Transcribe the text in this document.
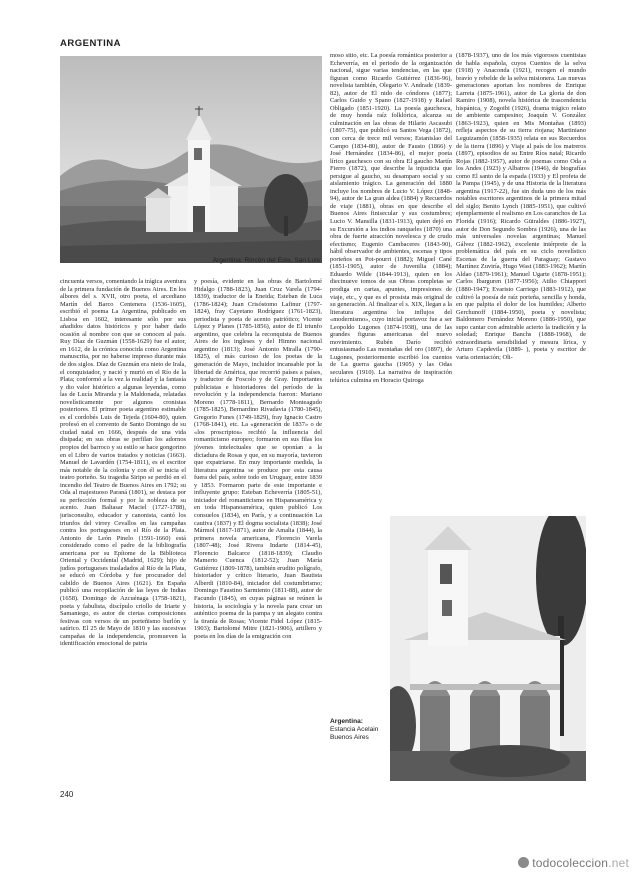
ARGENTINA
Argentina: Rincón del Este, San Luis

moso sitio, etc. La poesía romántica posterior a Echeverría, en el periodo de la organización nacional, sigue varias tendencias, en las que figuran como Ricardo Gutiérrez (1836-96), novelista también, Olegario V. Andrade (1839-82), autor de El nido de cóndores (1877); Carlos Guido y Spano (1827-1918) y Rafael Obligado (1851-1920). La poesía gauchesca, de muy honda raíz folklórica, alcanza su culminación en las obras de Hilario Ascasubi (1807-75), que publicó su Santos Vega (1872), con cerca de trece mil versos; Estanislao del Campo (1834-80), autor de Fausto (1866) y José Hernández (1834-86), el mejor poeta lírico gauchesco con su obra El gaucho Martín Fierro (1872), que describe la injusticia que persigue al gaucho, su desamparo social y su aislamiento trágico. La generación del 1880 incluye los nombres de Lucio V. López (1848-94), autor de La gran aldea (1884) y Recuerdos de viaje (1881), obras en que describe el Buenos Aires finisecular y sus costumbres; Lucio V. Mansilla (1831-1913), quien dejó en su Excursión a los indios ranqueles (1870) una obra de fuerte atracción novelesca y de crudo efectismo; Eugenio Cambaceres (1843-90), hábil observador de ambientes, escenas y tipos porteños en Pot-pourri (1882); Miguel Cané (1851-1905), autor de Juvenilia (1884); Eduardo Wilde (1844-1913), quien en los diecinueve tomos de sus Obras completas se prodiga en cartas, apuntes, impresiones de viaje, etc., y que es el prosista más original de su generación. Al finalizar el s. XIX, llegan a la literatura argentina los influjos del «modernismo», cuyo inicial portavoz fue a ser Leopoldo Lugones (1874-1938), una de las grandes figuras americanas del nuevo movimiento. Rubén Darío recibió entusiasmado Las montañas del oro (1897), de Lugones, posteriormente escribió los cuentos de La guerra gaucha (1905) y las Odas seculares (1910). La narrativa de inspiración telúrica culmina en Horacio Quiroga

(1878-1937), uno de los más vigorosos cuentistas de habla española, cuyos Cuentos de la selva (1918) y Anaconda (1921), recogen el mundo bravío y rebelde de la selva misionera. Las nuevas generaciones aportan los nombres de Enrique Larreta (1875-1961), autor de La gloria de don Ramiro (1908), novela histórica de trascendencia hispánica, y Zogoibi (1926), drama trágico relato de ambiente campesino; Joaquín V. González (1863-1923), quien en Mis Montañas (1893) refleja aspectos de su tierra riojana; Martiniano Leguizamón (1858-1935) relata en sus Recuerdos de la tierra (1896) y Viaje al país de los matreros (1897), episodios de su Entre Ríos natal; Ricardo Rojas (1882-1957), autor de poemas como Oda a los Andes (1923) y Albatros (1946), de biografías como El santo de la espada (1933) y El profeta de la Pampa (1945), y de una Historia de la literatura argentina (1917-22), fue sin duda uno de los más notables escritores argentinos de la primera mitad del siglo; Benito Lynch (1885-1951), que cultivó ejemplarmente el realismo en Los caranchos de La Florida (1916); Ricardo Güiraldes (1886-1927), autor de Don Segundo Sombra (1926), una de las más universales novelas argentinas; Manuel Gálvez (1882-1962), excelente intérprete de la problemática del país en su ciclo novelístico Escenas de la guerra del Paraguay; Gustavo Martínez Zuviría, Hugo Wast (1883-1962); Martín Aldao (1879-1961); Manuel Ugarte (1878-1951); Carlos Ibarguren (1877-1956); Atilio Chiappori (1880-1947); Evaristo Carriego (1883-1912), que cultivó la poesía de raíz porteña, sencilla y honda, en que palpita el dolor de los humildes; Alberto Gerchunoff (1884-1950), poeta y novelista; Baldomero Fernández Moreno (1886-1950), que supo cantar con admirable acierto la tradición y la soledad; Enrique Banchs (1888-1968), de extraordinaria sensibilidad y mesura lírica, y Arturo Capdevila (1889- ), poeta y escritor de varia orientación; Oli-

cincuenta versos, comentando la trágica aventura de la primera fundación de Buenos Aires. En los albores del s. XVII, otro poeta, el arcediano Martín del Barco Centenera (1536-1605), escribió el poema La Argentina, publicado en Lisboa en 1602, interesante sólo por sus añadidos datos históricos y por haber dado ocasión al nombre con que se conocen al país. Ruy Díaz de Guzmán (1558-1629) fue el autor, en 1612, de la crónica conocida como Argentina manuscrita, por no haberse impreso durante más de dos siglos. Díaz de Guzmán era nieto de Irala, el conquistador, y nació y murió en el Río de la Plata; conformó a la vez la realidad y la fantasía y dio valor histórico a algunas leyendas, como las de Lucía Miranda y la Maldonada, relatadas novelísticamente por algunos cronistas posteriores. El primer poeta argentino estimable es el cordobés Luis de Tejeda (1604-80), quien profesó en el convento de Santo Domingo de su ciudad natal en 1666, después de una vida disipada; en sus obras se perfilan los adornos propios del barroco y su estilo se hace gongorino en el Libro de varios tratados y noticias (1663). Manuel de Lavardén (1754-1811), es el escritor más notable de la colonia y con él se inicia el teatro porteño. Su tragedia Siripo se perdió en el incendio del Teatro de Buenos Aires en 1792; su Oda al majestuoso Paraná (1801), se destaca por su perfección formal y por la nobleza de su acento. Juan Baltasar Maciel (1727-1788), jurisconsulto, educador y canonista, cantó los triunfos del virrey Cevallos en las campañas contra los portugueses en el Río de la Plata. Antonio de León Pinelo (1591-1660) está considerado como el padre de la bibliografía americana por su Epítome de la Biblioteca Oriental y Occidental (Madrid, 1629); hijo de judíos portugueses trasladados al Río de la Plata, se educó en Córdoba y fue procurador del cabildo de Buenos Aires (1621). En España publicó una recopilación de las leyes de Indias (1658). Domingo de Azcuénaga (1758-1821), poeta y fabulista, discípulo criollo de Iriarte y Samaniego, es autor de ciertas composiciones festivas con versos de un porteñismo burlón y satírico. El 25 de Mayo de 1810 y las sucesivas campañas de la independencia, promueven la identificación emocional de patria

y poesía, evidente en las obras de Bartolomé Hidalgo (1788-1823), Juan Cruz Varela (1794-1839), traductor de la Eneida; Esteban de Luca (1786-1824); Juan Crisóstomo Lafinur (1797-1824), fray Cayetano Rodríguez (1761-1823), periodista y poeta de acento patriótico; Vicente López y Planes (1785-1856), autor de El triunfo argentino, que celebra la reconquista de Buenos Aires de los ingleses y del Himno nacional argentino (1813); José Antonio Miralla (1790-1825), el más curioso de los poetas de la generación de Mayo, incluidor incansable por la libertad de América, que recorrió países a países, y traductor de Foscolo y de Gray. Importantes publicistas e historiadores del período de la revolución y la independencia fueron: Mariano Moreno (1778-1811), Bernardo Monteagudo (1785-1825), Bernardino Rivadavia (1780-1845), Gregorio Funes (1749-1829), fray Ignacio Castro (1768-1841), etc. La «generación de 1837» o de «los proscriptos» recibió la influencia del romanticismo europeo; formaron en sus filas los jóvenes intelectuales que se oponían a la dictadura de Rosas y que, en su mayoría, tuvieron que expatriarse. En muy importante medida, la literatura argentina se produce por esta causa fuera del país, sobre todo en Uruguay, entre 1839 y 1853. Formaron parte de este importante e influyente grupo: Esteban Echeverría (1805-51), iniciador del romanticismo en Hispanoamérica y en toda Hispanoamérica, quien publicó Los consuelos (1834), en París, y a continuación La cautiva (1837) y El dogma socialista (1838); José Mármol (1817-1871), autor de Amalia (1844), la primera novela americana, Florencio Varela (1807-48); José Rivera Indarte (1814-45), Florencio Balcarce (1818-1839); Claudio Mamerto Cuenca (1812-52); Juan María Gutiérrez (1809-1878), también erudito polígrafo, historiador y crítico literario, Juan Bautista Alberdi (1810-84), iniciador del costumbrismo; Domingo Faustino Sarmiento (1811-88), autor de Facundo (1845), en cuyas páginas se reúnen la historia, la sociología y la novela para crear un auténtico poema de la pampa y un alegato contra la tiranía de Rosas; Vicente Fidel López (1815-1903); Bartolomé Mitre (1821-1906), artillero y poeta en los días de la emigración con

Argentina:
Estancia Acelain
Buenos Aires
240
todocoleccion.net
